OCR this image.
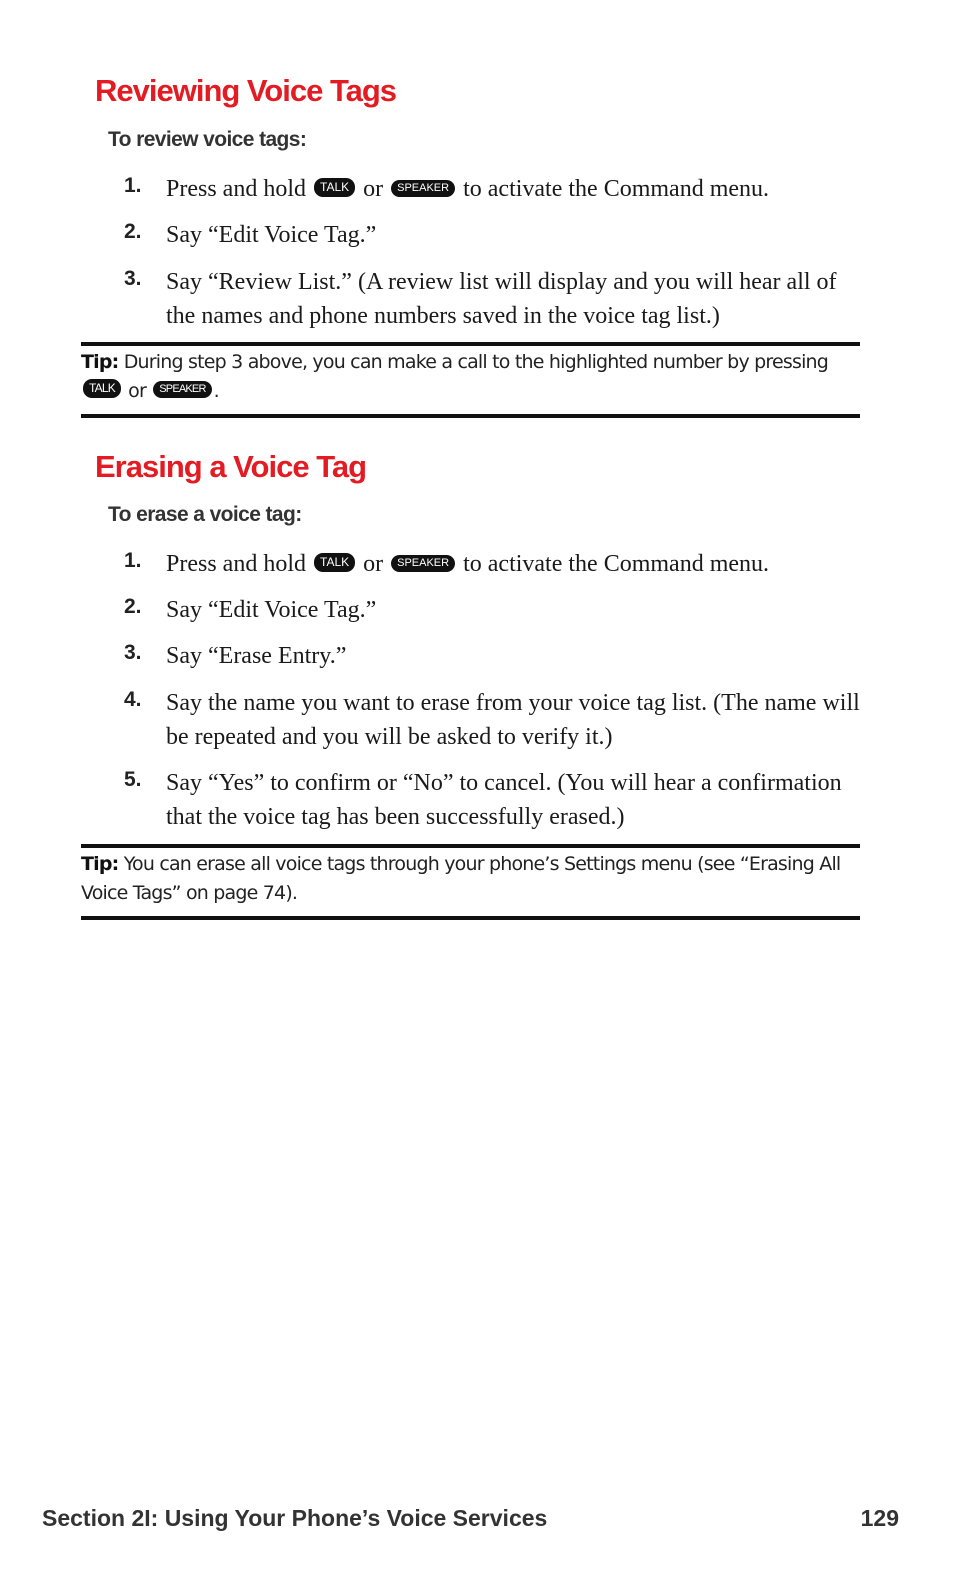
Reviewing Voice Tags
To review voice tags:
1. Press and hold TALK or SPEAKER to activate the Command menu.
2. Say “Edit Voice Tag.”
3. Say “Review List.” (A review list will display and you will hear all of the names and phone numbers saved in the voice tag list.)
Tip: During step 3 above, you can make a call to the highlighted number by pressing TALK or SPEAKER .
Erasing a Voice Tag
To erase a voice tag:
1. Press and hold TALK or SPEAKER to activate the Command menu.
2. Say “Edit Voice Tag.”
3. Say “Erase Entry.”
4. Say the name you want to erase from your voice tag list. (The name will be repeated and you will be asked to verify it.)
5. Say “Yes” to confirm or “No” to cancel. (You will hear a confirmation that the voice tag has been successfully erased.)
Tip: You can erase all voice tags through your phone’s Settings menu (see “Erasing All Voice Tags” on page 74).
Section 2I: Using Your Phone’s Voice Services	129
